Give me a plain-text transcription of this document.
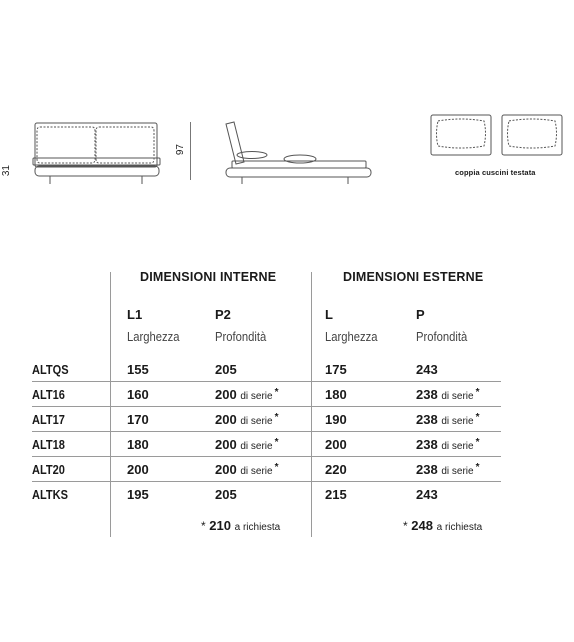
31
97
coppia cuscini testata
DIMENSIONI INTERNE	DIMENSIONI ESTERNE
L1
Larghezza
P2
Profondità
L
Larghezza
P
Profondità
ALTQS	155	205	175	243
ALT16	160	200 di serie *	180	238 di serie *
ALT17	170	200 di serie *	190	238 di serie *
ALT18	180	200 di serie *	200	238 di serie *
ALT20	200	200 di serie *	220	238 di serie *
ALTKS	195	205	215	243
* 210 a richiesta	* 248 a richiesta
